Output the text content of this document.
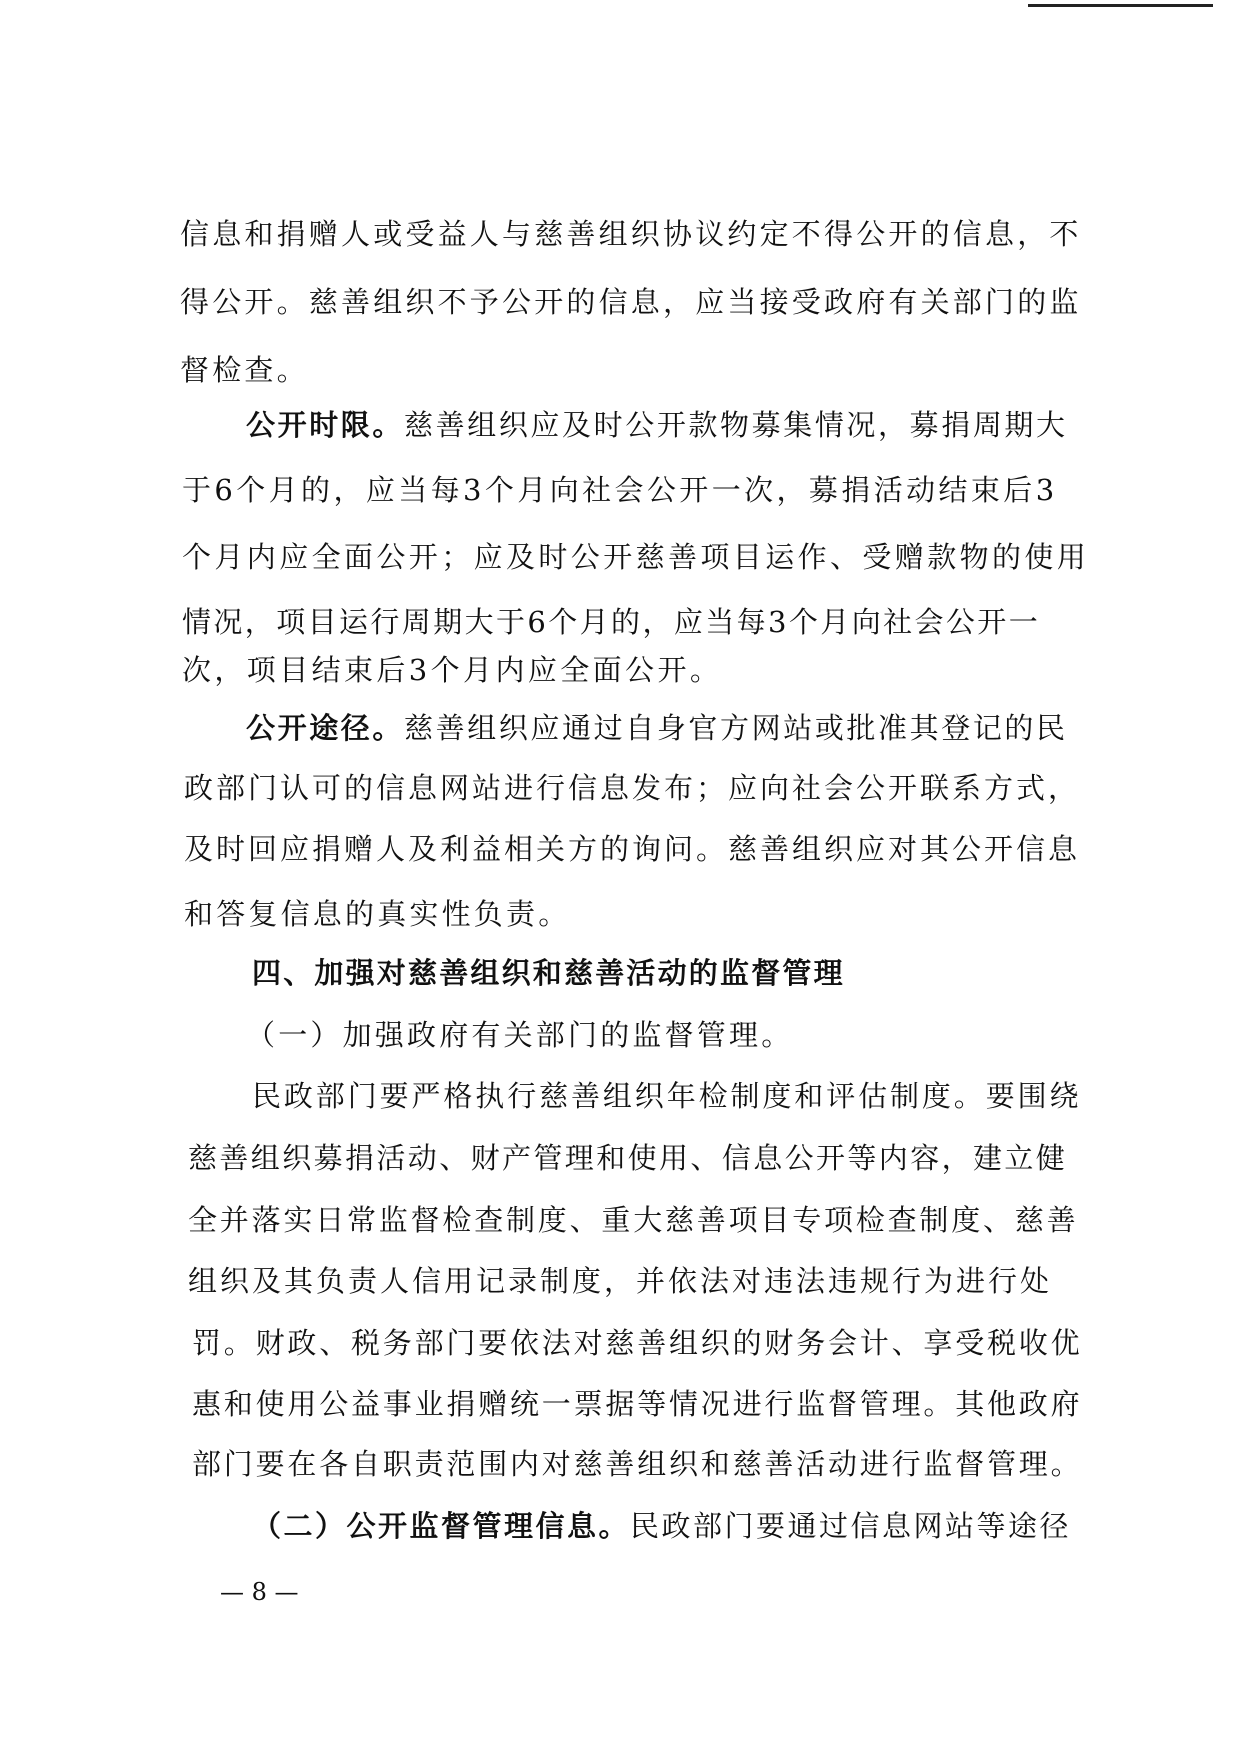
信息和捐赠人或受益人与慈善组织协议约定不得公开的信息，不
得公开。慈善组织不予公开的信息，应当接受政府有关部门的监
督检查。
公开时限。慈善组织应及时公开款物募集情况，募捐周期大
于6个月的，应当每3个月向社会公开一次，募捐活动结束后3
个月内应全面公开；应及时公开慈善项目运作、受赠款物的使用
情况，项目运行周期大于6个月的，应当每3个月向社会公开一
次，项目结束后3个月内应全面公开。
公开途径。慈善组织应通过自身官方网站或批准其登记的民
政部门认可的信息网站进行信息发布；应向社会公开联系方式，
及时回应捐赠人及利益相关方的询问。慈善组织应对其公开信息
和答复信息的真实性负责。
四、加强对慈善组织和慈善活动的监督管理
（一）加强政府有关部门的监督管理。
民政部门要严格执行慈善组织年检制度和评估制度。要围绕
慈善组织募捐活动、财产管理和使用、信息公开等内容，建立健
全并落实日常监督检查制度、重大慈善项目专项检查制度、慈善
组织及其负责人信用记录制度，并依法对违法违规行为进行处
罚。财政、税务部门要依法对慈善组织的财务会计、享受税收优
惠和使用公益事业捐赠统一票据等情况进行监督管理。其他政府
部门要在各自职责范围内对慈善组织和慈善活动进行监督管理。
（二）公开监督管理信息。民政部门要通过信息网站等途径
— 8 —
